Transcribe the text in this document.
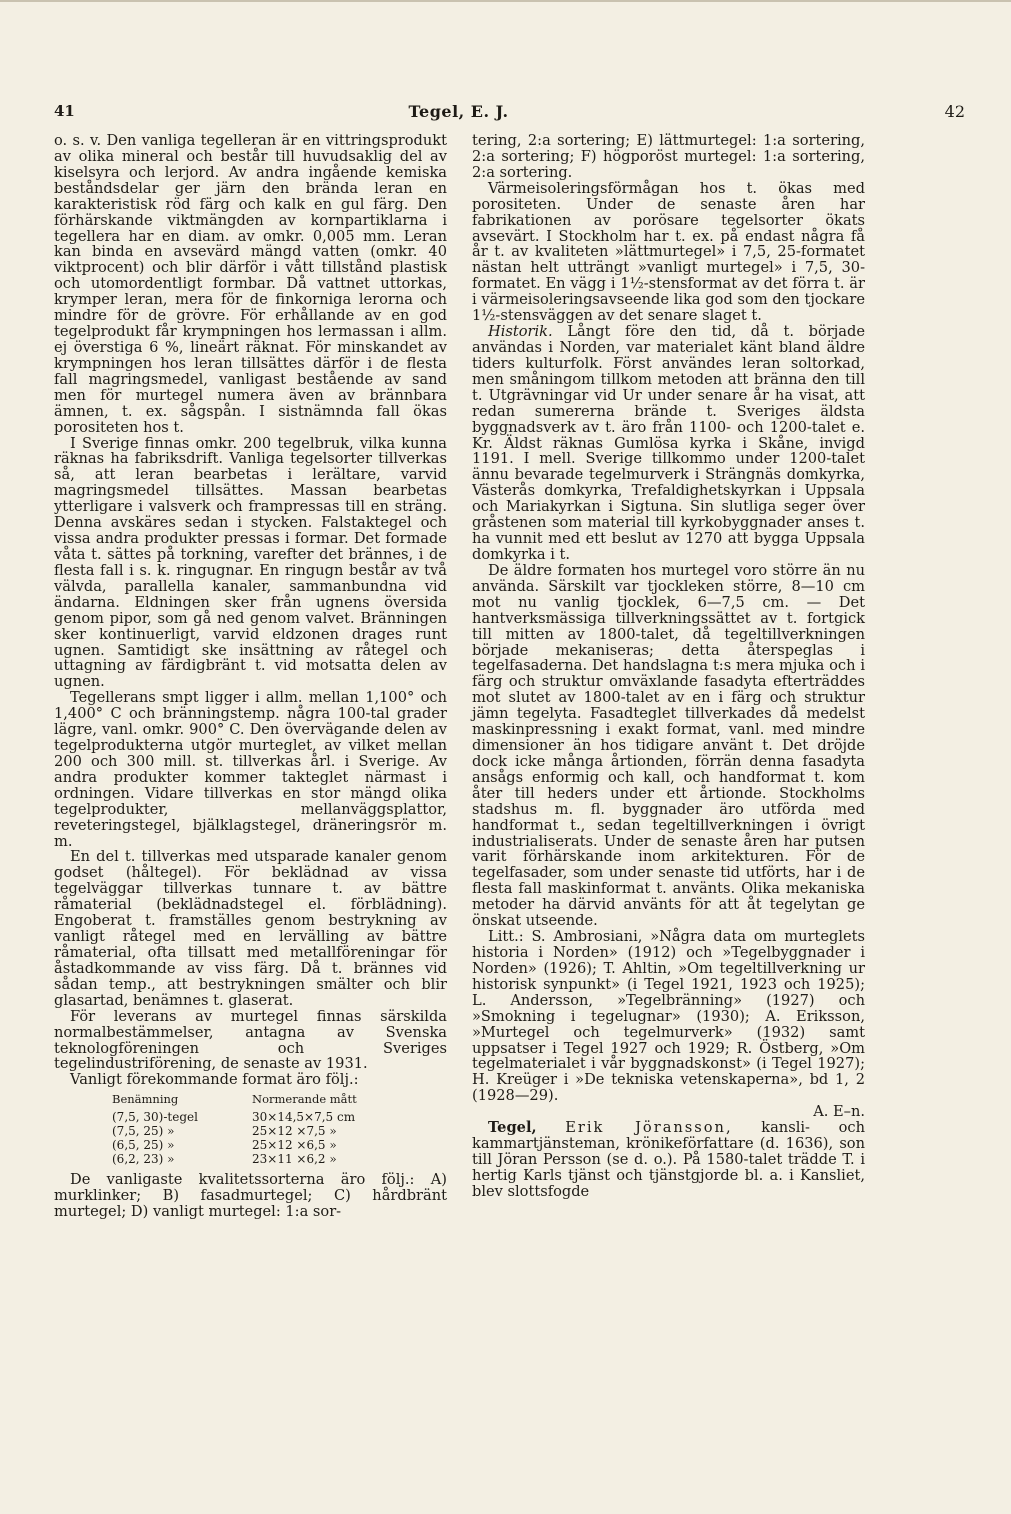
41	Tegel, E. J.	42

o. s. v. Den vanliga tegelleran är en vittringsprodukt av olika mineral och består till huvudsaklig del av kiselsyra och lerjord. Av andra ingående kemiska beståndsdelar ger järn den brända leran en karakteristisk röd färg och kalk en gul färg. Den förhärskande viktmängden av kornpartiklarna i tegellera har en diam. av omkr. 0,005 mm. Leran kan binda en avsevärd mängd vatten (omkr. 40 viktprocent) och blir därför i vått tillstånd plastisk och utomordentligt formbar. Då vattnet uttorkas, krymper leran, mera för de finkorniga lerorna och mindre för de grövre. För erhållande av en god tegelprodukt får krympningen hos lermassan i allm. ej överstiga 6 %, lineärt räknat. För minskandet av krympningen hos leran tillsättes därför i de flesta fall magringsmedel, vanligast bestående av sand men för murtegel numera även av brännbara ämnen, t. ex. sågspån. I sistnämnda fall ökas porositeten hos t.

I Sverige finnas omkr. 200 tegelbruk, vilka kunna räknas ha fabriksdrift. Vanliga tegelsorter tillverkas så, att leran bearbetas i lerältare, varvid magringsmedel tillsättes. Massan bearbetas ytterligare i valsverk och frampressas till en sträng. Denna avskäres sedan i stycken. Falstaktegel och vissa andra produkter pressas i formar. Det formade våta t. sättes på torkning, varefter det brännes, i de flesta fall i s. k. ringugnar. En ringugn består av två välvda, parallella kanaler, sammanbundna vid ändarna. Eldningen sker från ugnens översida genom pipor, som gå ned genom valvet. Bränningen sker kontinuerligt, varvid eldzonen drages runt ugnen. Samtidigt ske insättning av råtegel och uttagning av färdigbränt t. vid motsatta delen av ugnen.

Tegellerans smpt ligger i allm. mellan 1,100° och 1,400° C och bränningstemp. några 100-tal grader lägre, vanl. omkr. 900° C. Den övervägande delen av tegelprodukterna utgör murteglet, av vilket mellan 200 och 300 mill. st. tillverkas årl. i Sverige. Av andra produkter kommer takteglet närmast i ordningen. Vidare tillverkas en stor mängd olika tegelprodukter, mellanväggsplattor, reveteringstegel, bjälklagstegel, dräneringsrör m. m.

En del t. tillverkas med utsparade kanaler genom godset (håltegel). För beklädnad av vissa tegelväggar tillverkas tunnare t. av bättre råmaterial (beklädnadstegel el. förblädning). Engoberat t. framställes genom bestrykning av vanligt råtegel med en lervälling av bättre råmaterial, ofta tillsatt med metallföreningar för åstadkommande av viss färg. Då t. brännes vid sådan temp., att bestrykningen smälter och blir glasartad, benämnes t. glaserat.

För leverans av murtegel finnas särskilda normalbestämmelser, antagna av Svenska teknologföreningen och Sveriges tegelindustriförening, de senaste av 1931.

Vanligt förekommande format äro följ.:

Benämning	Normerande mått
(7,5, 30)-tegel	30×14,5×7,5 cm
(7,5, 25) »	25×12 ×7,5 »
(6,5, 25) »	25×12 ×6,5 »
(6,2, 23) »	23×11 ×6,2 »

De vanligaste kvalitetssorterna äro följ.: A) murklinker; B) fasadmurtegel; C) hårdbränt murtegel; D) vanligt murtegel: 1:a sor-

tering, 2:a sortering; E) lättmurtegel: 1:a sortering, 2:a sortering; F) högporöst murtegel: 1:a sortering, 2:a sortering.

Värmeisoleringsförmågan hos t. ökas med porositeten. Under de senaste åren har fabrikationen av porösare tegelsorter ökats avsevärt. I Stockholm har t. ex. på endast några få år t. av kvaliteten »lättmurtegel» i 7,5, 25-formatet nästan helt utträngt »vanligt murtegel» i 7,5, 30-formatet. En vägg i 1½-stensformat av det förra t. är i värmeisoleringsavseende lika god som den tjockare 1½-stensväggen av det senare slaget t.

Historik. Långt före den tid, då t. började användas i Norden, var materialet känt bland äldre tiders kulturfolk. Först användes leran soltorkad, men småningom tillkom metoden att bränna den till t. Utgrävningar vid Ur under senare år ha visat, att redan sumererna brände t. Sveriges äldsta byggnadsverk av t. äro från 1100- och 1200-talet e. Kr. Äldst räknas Gumlösa kyrka i Skåne, invigd 1191. I mell. Sverige tillkommo under 1200-talet ännu bevarade tegelmurverk i Strängnäs domkyrka, Västerås domkyrka, Trefaldighetskyrkan i Uppsala och Mariakyrkan i Sigtuna. Sin slutliga seger över gråstenen som material till kyrkobyggnader anses t. ha vunnit med ett beslut av 1270 att bygga Uppsala domkyrka i t.

De äldre formaten hos murtegel voro större än nu använda. Särskilt var tjockleken större, 8—10 cm mot nu vanlig tjocklek, 6—7,5 cm. — Det hantverksmässiga tillverkningssättet av t. fortgick till mitten av 1800-talet, då tegeltillverkningen började mekaniseras; detta återspeglas i tegelfasaderna. Det handslagna t:s mera mjuka och i färg och struktur omväxlande fasadyta efterträddes mot slutet av 1800-talet av en i färg och struktur jämn tegelyta. Fasadteglet tillverkades då medelst maskinpressning i exakt format, vanl. med mindre dimensioner än hos tidigare använt t. Det dröjde dock icke många årtionden, förrän denna fasadyta ansågs enformig och kall, och handformat t. kom åter till heders under ett årtionde. Stockholms stadshus m. fl. byggnader äro utförda med handformat t., sedan tegeltillverkningen i övrigt industrialiserats. Under de senaste åren har putsen varit förhärskande inom arkitekturen. För de tegelfasader, som under senaste tid utförts, har i de flesta fall maskinformat t. använts. Olika mekaniska metoder ha därvid använts för att åt tegelytan ge önskat utseende.

Litt.: S. Ambrosiani, »Några data om murteglets historia i Norden» (1912) och »Tegelbyggnader i Norden» (1926); T. Ahltin, »Om tegeltillverkning ur historisk synpunkt» (i Tegel 1921, 1923 och 1925); L. Andersson, »Tegelbränning» (1927) och »Smokning i tegelugnar» (1930); A. Eriksson, »Murtegel och tegelmurverk» (1932) samt uppsatser i Tegel 1927 och 1929; R. Östberg, »Om tegelmaterialet i vår byggnadskonst» (i Tegel 1927); H. Kreüger i »De tekniska vetenskaperna», bd 1, 2 (1928—29).

A. E–n.

Tegel, Erik Jöransson, kansli- och kammartjänsteman, krönikeförfattare (d. 1636), son till Jöran Persson (se d. o.). På 1580-talet trädde T. i hertig Karls tjänst och tjänstgjorde bl. a. i Kansliet, blev slottsfogde
